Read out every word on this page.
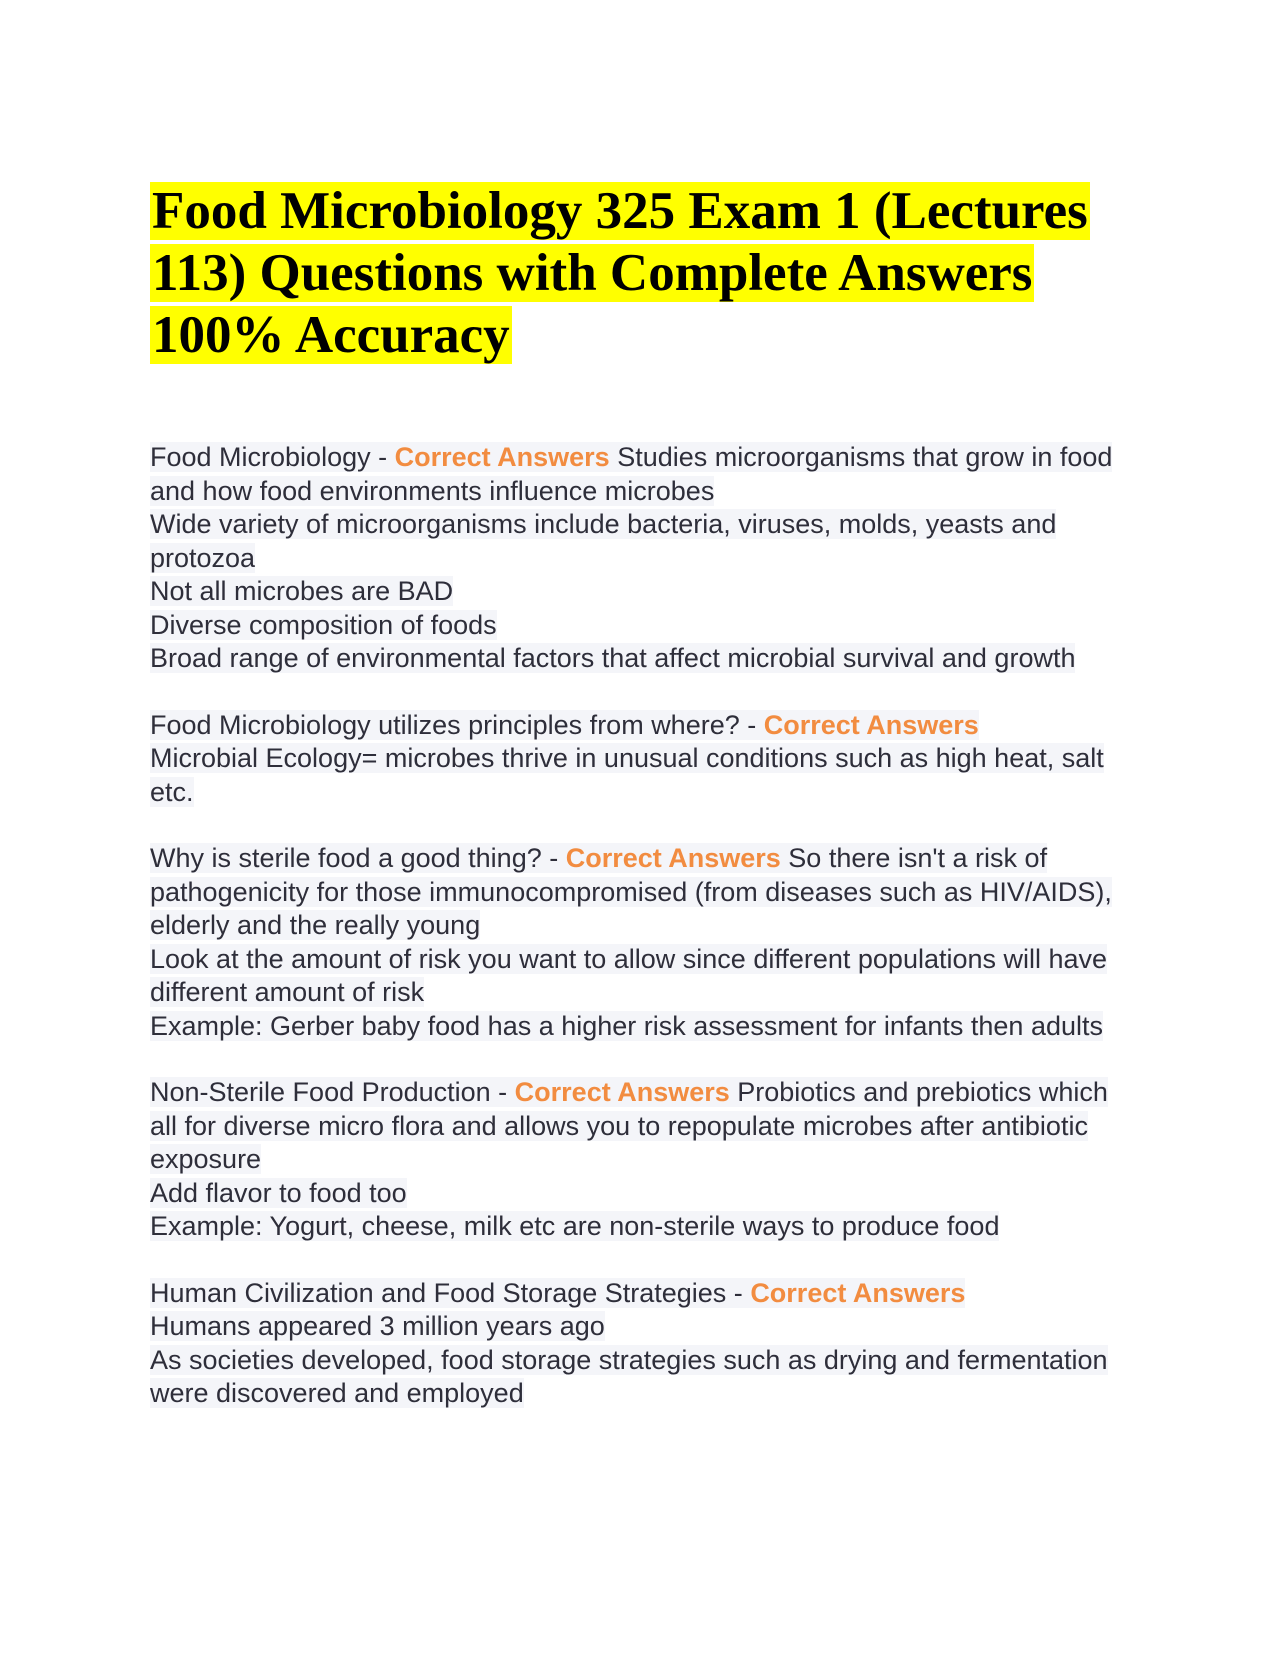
Food Microbiology 325 Exam 1 (Lectures 113) Questions with Complete Answers 100% Accuracy
Food Microbiology - Correct Answers Studies microorganisms that grow in food and how food environments influence microbes
Wide variety of microorganisms include bacteria, viruses, molds, yeasts and protozoa
Not all microbes are BAD
Diverse composition of foods
Broad range of environmental factors that affect microbial survival and growth
Food Microbiology utilizes principles from where? - Correct Answers
Microbial Ecology= microbes thrive in unusual conditions such as high heat, salt etc.
Why is sterile food a good thing? - Correct Answers So there isn't a risk of pathogenicity for those immunocompromised (from diseases such as HIV/AIDS), elderly and the really young
Look at the amount of risk you want to allow since different populations will have different amount of risk
Example: Gerber baby food has a higher risk assessment for infants then adults
Non-Sterile Food Production - Correct Answers Probiotics and prebiotics which all for diverse micro flora and allows you to repopulate microbes after antibiotic exposure
Add flavor to food too
Example: Yogurt, cheese, milk etc are non-sterile ways to produce food
Human Civilization and Food Storage Strategies - Correct Answers
Humans appeared 3 million years ago
As societies developed, food storage strategies such as drying and fermentation were discovered and employed
